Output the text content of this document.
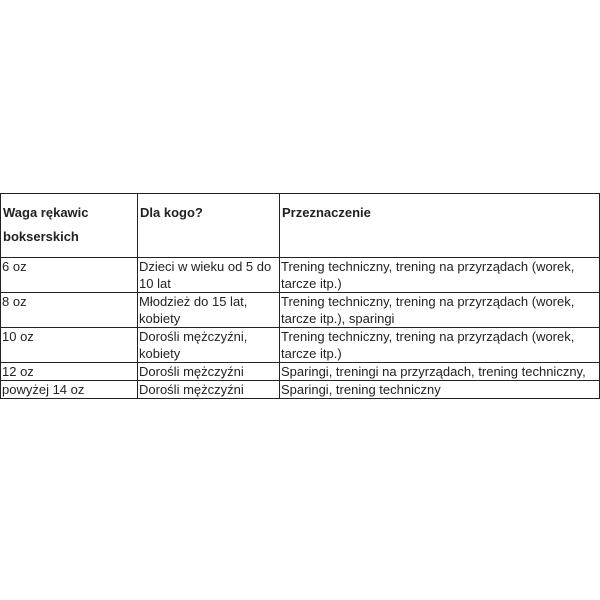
Waga rękawic bokserskich	Dla kogo?	Przeznaczenie
6 oz	Dzieci w wieku od 5 do 10 lat	Trening techniczny, trening na przyrządach (worek, tarcze itp.)
8 oz	Młodzież do 15 lat, kobiety	Trening techniczny, trening na przyrządach (worek, tarcze itp.), sparingi
10 oz	Dorośli mężczyźni, kobiety	Trening techniczny, trening na przyrządach (worek, tarcze itp.)
12 oz	Dorośli mężczyźni	Sparingi, treningi na przyrządach, trening techniczny,
powyżej 14 oz	Dorośli mężczyźni	Sparingi, trening techniczny
